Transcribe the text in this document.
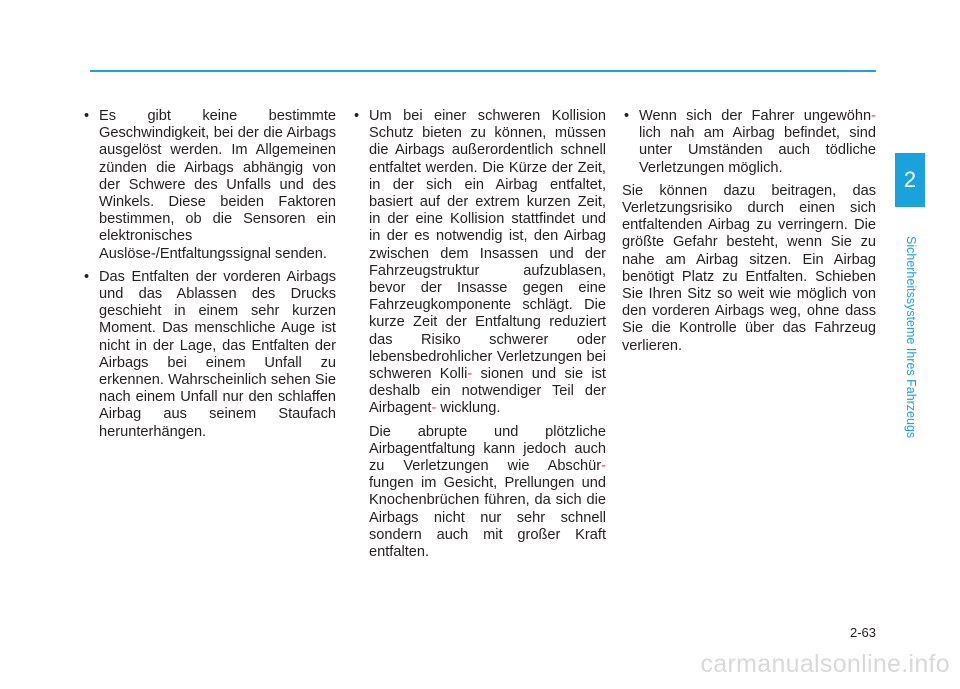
• Es gibt keine bestimmte Geschwindigkeit, bei der die Airbags ausgelöst werden. Im Allgemeinen zünden die Airbags abhängig von der Schwere des Unfalls und des Winkels. Diese beiden Faktoren bestimmen, ob die Sensoren ein elektronisches Auslöse-/Entfaltungssignal senden.
• Das Entfalten der vorderen Airbags und das Ablassen des Drucks geschieht in einem sehr kurzen Moment. Das menschliche Auge ist nicht in der Lage, das Entfalten der Airbags bei einem Unfall zu erkennen. Wahrscheinlich sehen Sie nach einem Unfall nur den schlaffen Airbag aus seinem Staufach herunterhängen.
• Um bei einer schweren Kollision Schutz bieten zu können, müssen die Airbags außerordentlich schnell entfaltet werden. Die Kürze der Zeit, in der sich ein Airbag entfaltet, basiert auf der extrem kurzen Zeit, in der eine Kollision stattfindet und in der es notwendig ist, den Airbag zwischen dem Insassen und der Fahrzeugstruktur aufzublasen, bevor der Insasse gegen eine Fahrzeugkomponente schlägt. Die kurze Zeit der Entfaltung reduziert das Risiko schwerer oder lebensbedrohlicher Verletzungen bei schweren Kolli- sionen und sie ist deshalb ein notwendiger Teil der Airbagent- wicklung.
Die abrupte und plötzliche Airbagentfaltung kann jedoch auch zu Verletzungen wie Abschür- fungen im Gesicht, Prellungen und Knochenbrüchen führen, da sich die Airbags nicht nur sehr schnell sondern auch mit großer Kraft entfalten.
• Wenn sich der Fahrer ungewöhn- lich nah am Airbag befindet, sind unter Umständen auch tödliche Verletzungen möglich.
Sie können dazu beitragen, das Verletzungsrisiko durch einen sich entfaltenden Airbag zu verringern. Die größte Gefahr besteht, wenn Sie zu nahe am Airbag sitzen. Ein Airbag benötigt Platz zu Entfalten. Schieben Sie Ihren Sitz so weit wie möglich von den vorderen Airbags weg, ohne dass Sie die Kontrolle über das Fahrzeug verlieren.
2
Sicherheitssysteme Ihres Fahrzeugs
2-63
carmanualsonline.info
